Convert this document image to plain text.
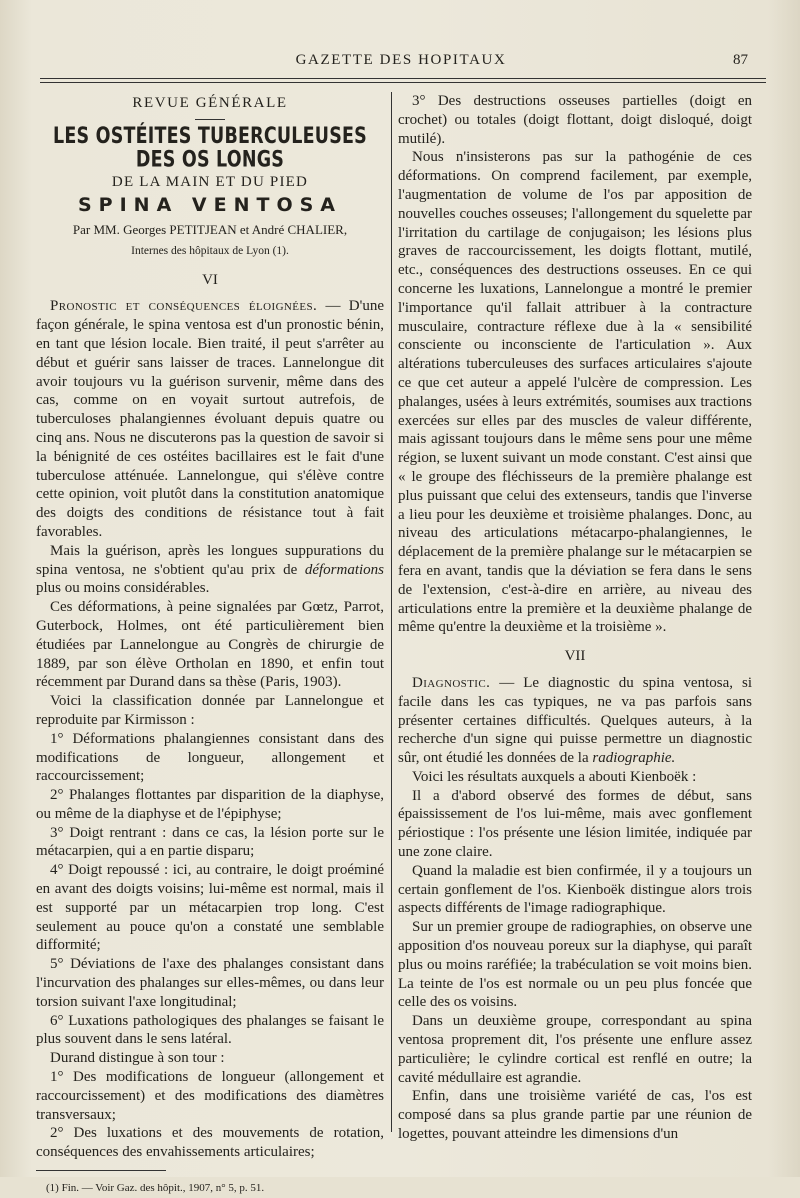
GAZETTE DES HOPITAUX	87
REVUE GÉNÉRALE
LES OSTÉITES TUBERCULEUSES DES OS LONGS
DE LA MAIN ET DU PIED
SPINA VENTOSA
Par MM. Georges PETITJEAN et André CHALIER,
Internes des hôpitaux de Lyon (1).
VI

Pronostic et conséquences éloignées. — D'une façon générale, le spina ventosa est d'un pronostic bénin, en tant que lésion locale. Bien traité, il peut s'arrêter au début et guérir sans laisser de traces. Lannelongue dit avoir toujours vu la guérison survenir, même dans des cas, comme on en voyait surtout autrefois, de tuberculoses phalangiennes évoluant depuis quatre ou cinq ans. Nous ne discuterons pas la question de savoir si la bénignité de ces ostéites bacillaires est le fait d'une tuberculose atténuée. Lannelongue, qui s'élève contre cette opinion, voit plutôt dans la constitution anatomique des doigts des conditions de résistance tout à fait favorables.

Mais la guérison, après les longues suppurations du spina ventosa, ne s'obtient qu'au prix de déformations plus ou moins considérables.

Ces déformations, à peine signalées par Gœtz, Parrot, Guterbock, Holmes, ont été particulièrement bien étudiées par Lannelongue au Congrès de chirurgie de 1889, par son élève Ortholan en 1890, et enfin tout récemment par Durand dans sa thèse (Paris, 1903).

Voici la classification donnée par Lannelongue et reproduite par Kirmisson :

1° Déformations phalangiennes consistant dans des modifications de longueur, allongement et raccourcissement;

2° Phalanges flottantes par disparition de la diaphyse, ou même de la diaphyse et de l'épiphyse;

3° Doigt rentrant : dans ce cas, la lésion porte sur le métacarpien, qui a en partie disparu;

4° Doigt repoussé : ici, au contraire, le doigt proéminé en avant des doigts voisins; lui-même est normal, mais il est supporté par un métacarpien trop long. C'est seulement au pouce qu'on a constaté une semblable difformité;

5° Déviations de l'axe des phalanges consistant dans l'incurvation des phalanges sur elles-mêmes, ou dans leur torsion suivant l'axe longitudinal;

6° Luxations pathologiques des phalanges se faisant le plus souvent dans le sens latéral.

Durand distingue à son tour :

1° Des modifications de longueur (allongement et raccourcissement) et des modifications des diamètres transversaux;

2° Des luxations et des mouvements de rotation, conséquences des envahissements articulaires;

(1) Fin. — Voir Gaz. des hôpit., 1907, n° 5, p. 51.

3° Des destructions osseuses partielles (doigt en crochet) ou totales (doigt flottant, doigt disloqué, doigt mutilé).

Nous n'insisterons pas sur la pathogénie de ces déformations. On comprend facilement, par exemple, l'augmentation de volume de l'os par apposition de nouvelles couches osseuses; l'allongement du squelette par l'irritation du cartilage de conjugaison; les lésions plus graves de raccourcissement, les doigts flottant, mutilé, etc., conséquences des destructions osseuses. En ce qui concerne les luxations, Lannelongue a montré le premier l'importance qu'il fallait attribuer à la contracture musculaire, contracture réflexe due à la « sensibilité consciente ou inconsciente de l'articulation ». Aux altérations tuberculeuses des surfaces articulaires s'ajoute ce que cet auteur a appelé l'ulcère de compression. Les phalanges, usées à leurs extrémités, soumises aux tractions exercées sur elles par des muscles de valeur différente, mais agissant toujours dans le même sens pour une même région, se luxent suivant un mode constant. C'est ainsi que « le groupe des fléchisseurs de la première phalange est plus puissant que celui des extenseurs, tandis que l'inverse a lieu pour les deuxième et troisième phalanges. Donc, au niveau des articulations métacarpo-phalangiennes, le déplacement de la première phalange sur le métacarpien se fera en avant, tandis que la déviation se fera dans le sens de l'extension, c'est-à-dire en arrière, au niveau des articulations entre la première et la deuxième phalange de même qu'entre la deuxième et la troisième ».

VII

Diagnostic. — Le diagnostic du spina ventosa, si facile dans les cas typiques, ne va pas parfois sans présenter certaines difficultés. Quelques auteurs, à la recherche d'un signe qui puisse permettre un diagnostic sûr, ont étudié les données de la radiographie.

Voici les résultats auxquels a abouti Kienboëk :

Il a d'abord observé des formes de début, sans épaississement de l'os lui-même, mais avec gonflement périostique : l'os présente une lésion limitée, indiquée par une zone claire.

Quand la maladie est bien confirmée, il y a toujours un certain gonflement de l'os. Kienboëk distingue alors trois aspects différents de l'image radiographique.

Sur un premier groupe de radiographies, on observe une apposition d'os nouveau poreux sur la diaphyse, qui paraît plus ou moins raréfiée; la trabéculation se voit moins bien. La teinte de l'os est normale ou un peu plus foncée que celle des os voisins.

Dans un deuxième groupe, correspondant au spina ventosa proprement dit, l'os présente une enflure assez particulière; le cylindre cortical est renflé en outre; la cavité médullaire est agrandie.

Enfin, dans une troisième variété de cas, l'os est composé dans sa plus grande partie par une réunion de logettes, pouvant atteindre les dimensions d'un
